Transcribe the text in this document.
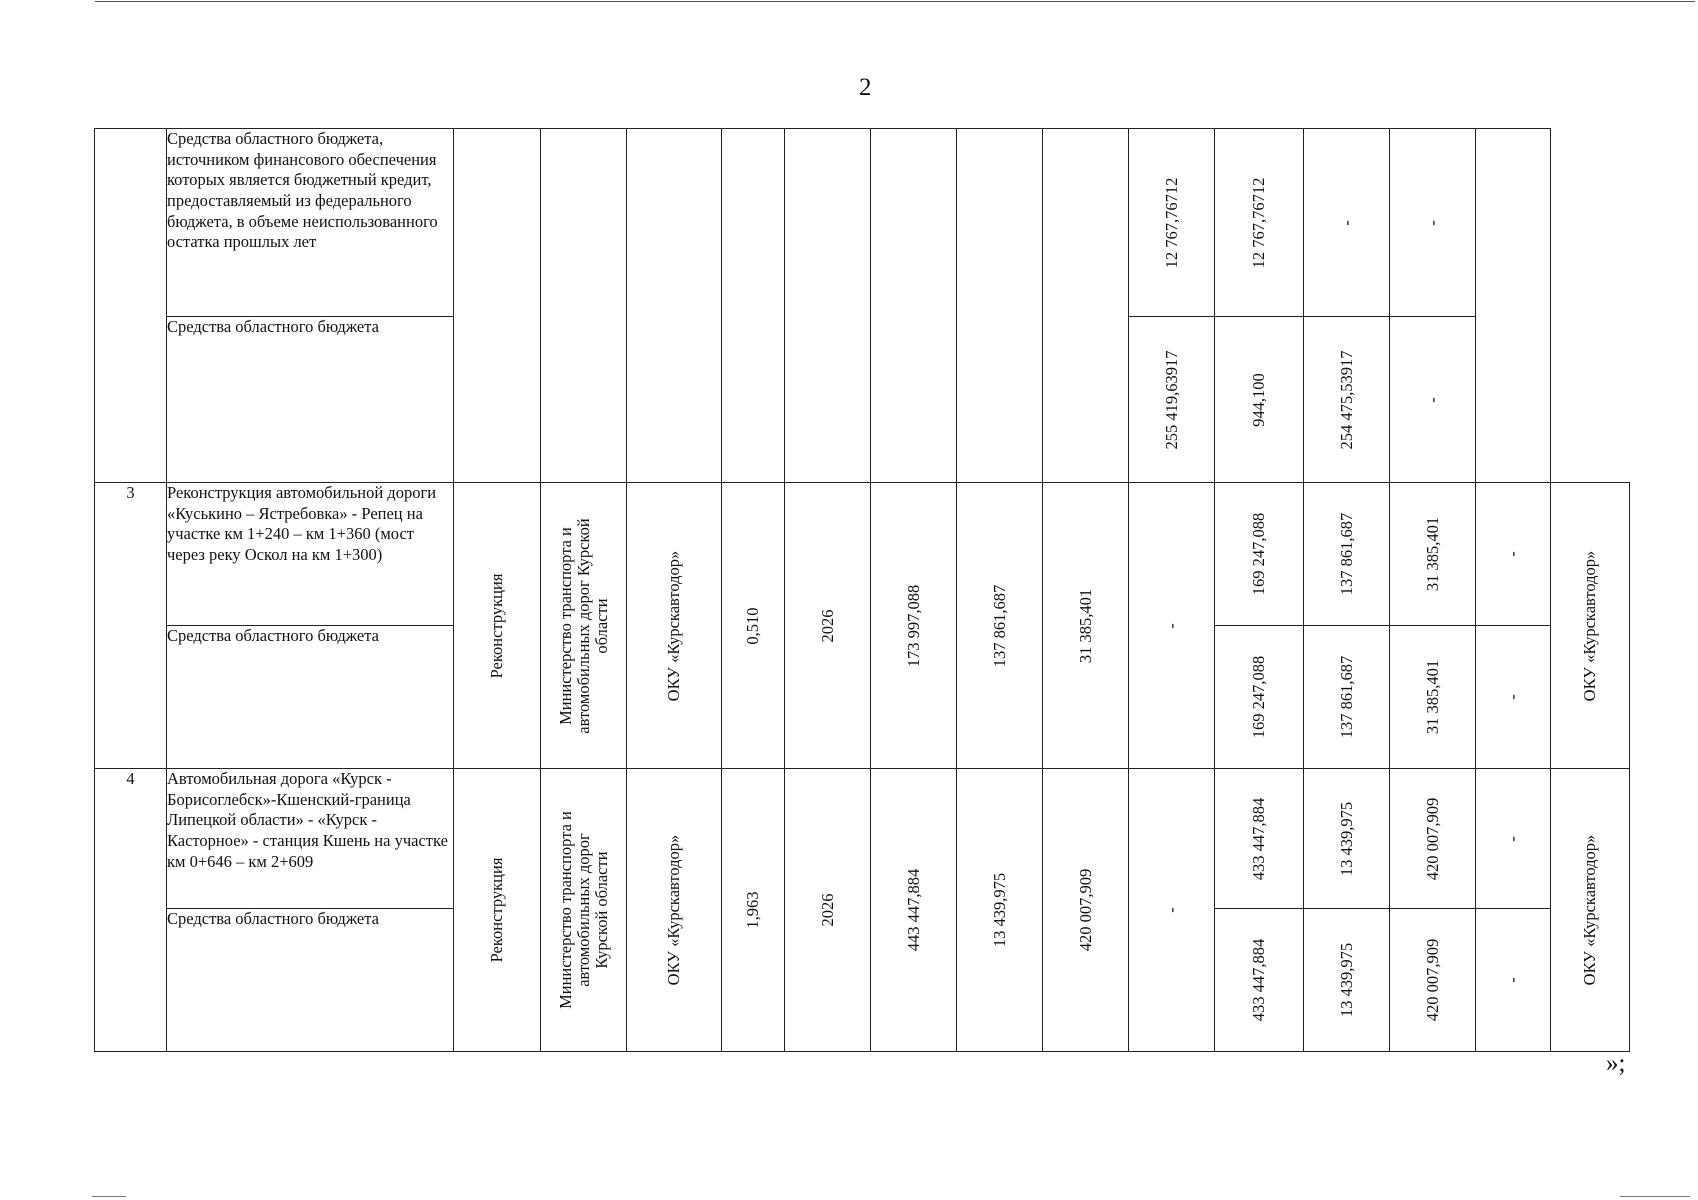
2
	Средства областного бюджета, источником финансового обеспечения которых является бюджетный кредит, предоставляемый из федерального бюджета, в объеме неиспользованного остатка прошлых лет									12 767,76712	12 767,76712	-	-		

	Средства областного бюджета									255 419,63917	944,100	254 475,53917	-		

3	Реконструкция автомобильной дороги «Куськино – Ястребовка» - Репец на участке км 1+240 – км 1+360 (мост через реку Оскол на км 1+300)	Реконструкция	Министерство транспорта и
автомобильных дорог Курской
области	ОКУ «Курскавтодор»	0,510	2026	173 997,088	137 861,687	31 385,401	-	169 247,088	137 861,687	31 385,401	-	ОКУ «Курскавтодор»

	Средства областного бюджета										169 247,088	137 861,687	31 385,401	-	

4	Автомобильная дорога «Курск - Борисоглебск»-Кшенский-граница Липецкой области» - «Курск - Касторное» - станция Кшень на участке км 0+646 – км 2+609	Реконструкция	Министерство транспорта и
автомобильных дорог
Курской области	ОКУ «Курскавтодор»	1,963	2026	443 447,884	13 439,975	420 007,909	-	433 447,884	13 439,975	420 007,909	-	ОКУ «Курскавтодор»

	Средства областного бюджета										433 447,884	13 439,975	420 007,909	-	
»;
